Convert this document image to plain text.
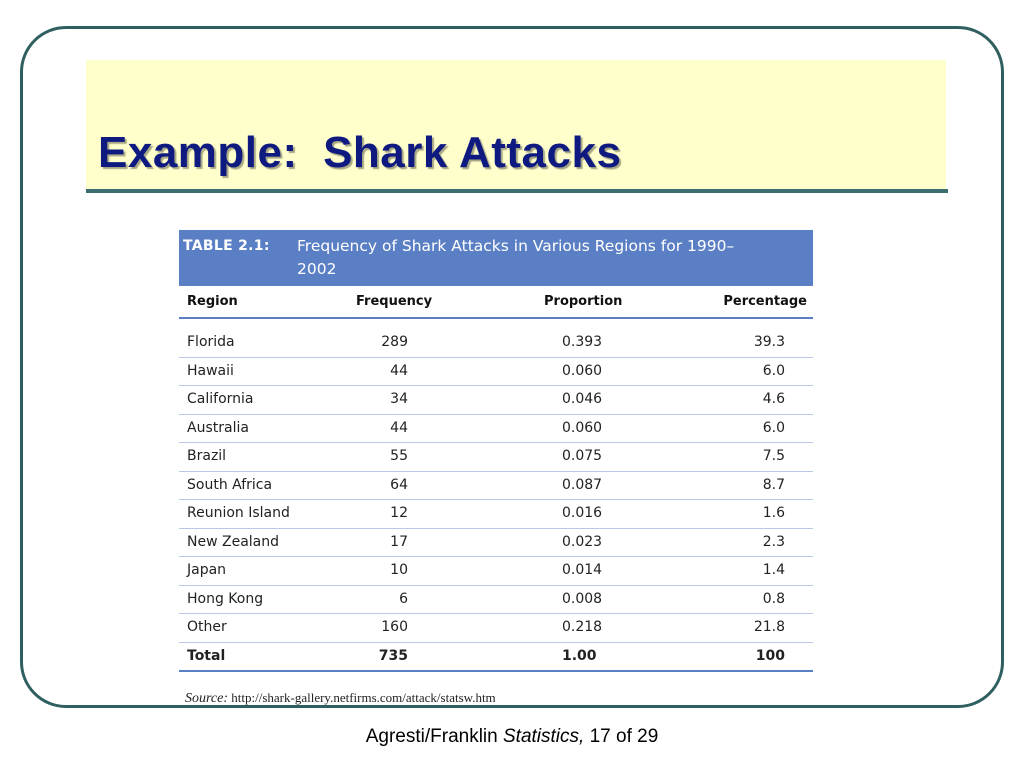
Example:  Shark Attacks
TABLE 2.1: Frequency of Shark Attacks in Various Regions for 1990–2002
Region	Frequency	Proportion	Percentage
Florida	289	0.393	39.3
Hawaii	44	0.060	6.0
California	34	0.046	4.6
Australia	44	0.060	6.0
Brazil	55	0.075	7.5
South Africa	64	0.087	8.7
Reunion Island	12	0.016	1.6
New Zealand	17	0.023	2.3
Japan	10	0.014	1.4
Hong Kong	6	0.008	0.8
Other	160	0.218	21.8
Total	735	1.00	100
Source: http://shark-gallery.netfirms.com/attack/statsw.htm
Agresti/Franklin Statistics, 17 of 29
